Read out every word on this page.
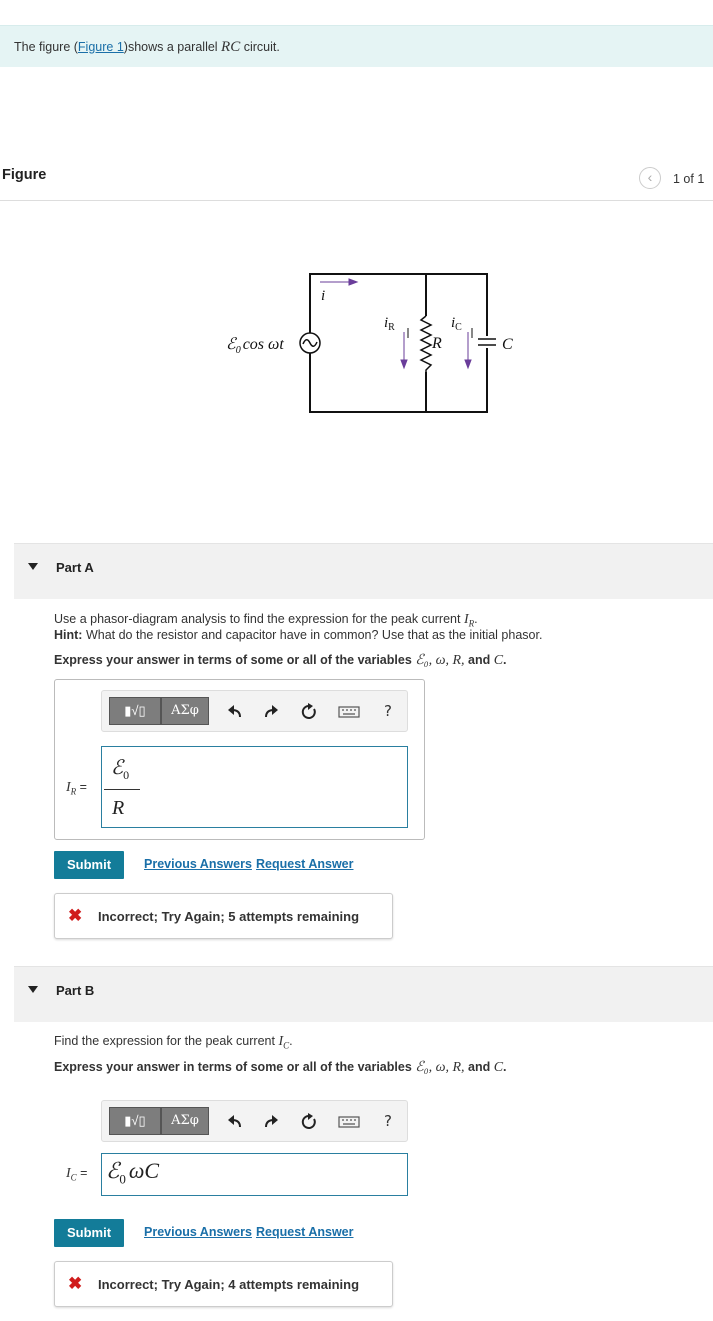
The figure (Figure 1)shows a parallel RC circuit.
Figure	‹	1 of 1
ℰ$_0$ cos ωt
i
$i_R$	$i_C$
R	C
Part A
Use a phasor-diagram analysis to find the expression for the peak current $I_R$.
Hint: What do the resistor and capacitor have in common? Use that as the initial phasor.
Express your answer in terms of some or all of the variables ℰ₀, ω, R, and C.
▮√▯	ΑΣφ	?
$I_R$ =
ℰ$_0$
R
Submit	Previous Answers Request Answer
✖ Incorrect; Try Again; 5 attempts remaining
Part B
Find the expression for the peak current $I_C$.
Express your answer in terms of some or all of the variables ℰ₀, ω, R, and C.
▮√▯	ΑΣφ	?
$I_C$ = ℰ$_0$ ωC
Submit	Previous Answers Request Answer
✖ Incorrect; Try Again; 4 attempts remaining
